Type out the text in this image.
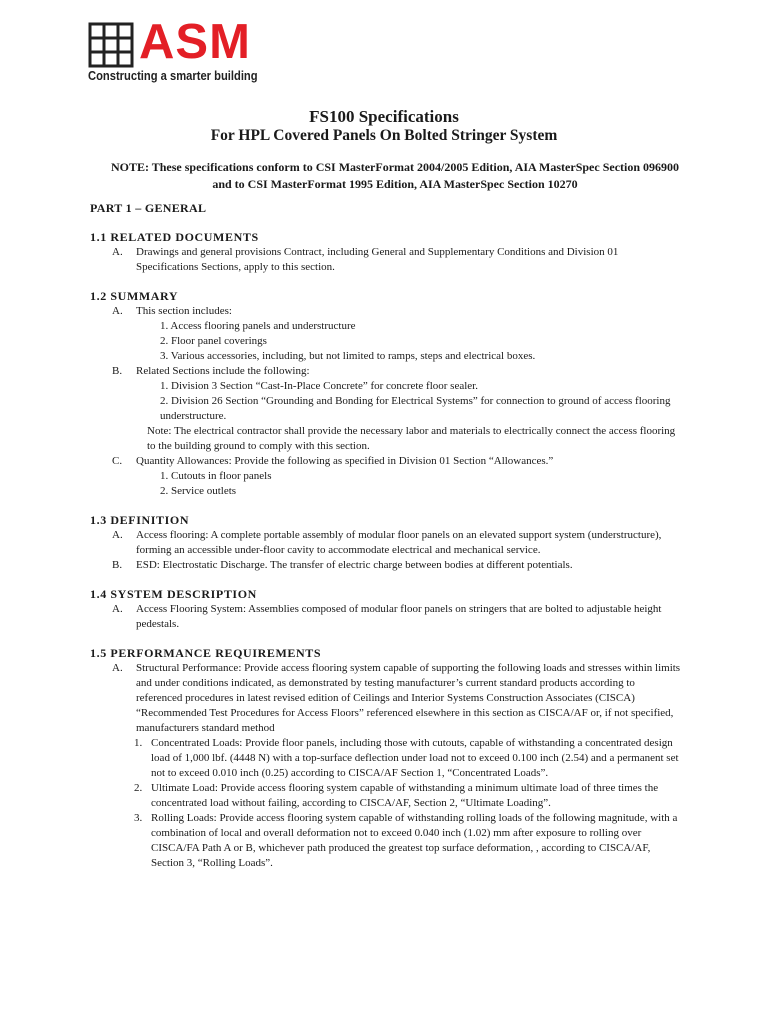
ASM
Constructing a smarter building
FS100 Specifications
For HPL Covered Panels On Bolted Stringer System
NOTE: These specifications conform to CSI MasterFormat 2004/2005 Edition, AIA MasterSpec Section 096900 and to CSI MasterFormat 1995 Edition, AIA MasterSpec Section 10270
PART 1 – GENERAL
1.1 RELATED DOCUMENTS
A.	Drawings and general provisions Contract, including General and Supplementary Conditions and Division 01 Specifications Sections, apply to this section.
1.2 SUMMARY
A.	This section includes:
1. Access flooring panels and understructure
2. Floor panel coverings
3. Various accessories, including, but not limited to ramps, steps and electrical boxes.
B.	Related Sections include the following:
1. Division 3 Section “Cast-In-Place Concrete” for concrete floor sealer.
2. Division 26 Section “Grounding and Bonding for Electrical Systems” for connection to ground of access flooring understructure.
Note: The electrical contractor shall provide the necessary labor and materials to electrically connect the access flooring to the building ground to comply with this section.
C.	Quantity Allowances: Provide the following as specified in Division 01 Section “Allowances.”
1. Cutouts in floor panels
2. Service outlets
1.3 DEFINITION
A.	Access flooring: A complete portable assembly of modular floor panels on an elevated support system (understructure), forming an accessible under-floor cavity to accommodate electrical and mechanical service.
B.	ESD: Electrostatic Discharge. The transfer of electric charge between bodies at different potentials.
1.4 SYSTEM DESCRIPTION
A.	Access Flooring System: Assemblies composed of modular floor panels on stringers that are bolted to adjustable height pedestals.
1.5 PERFORMANCE REQUIREMENTS
A.	Structural Performance: Provide access flooring system capable of supporting the following loads and stresses within limits and under conditions indicated, as demonstrated by testing manufacturer’s current standard products according to referenced procedures in latest revised edition of Ceilings and Interior Systems Construction Associates (CISCA) “Recommended Test Procedures for Access Floors” referenced elsewhere in this section as CISCA/AF or, if not specified, manufacturers standard method
1. Concentrated Loads: Provide floor panels, including those with cutouts, capable of withstanding a concentrated design load of 1,000 lbf. (4448 N) with a top-surface deflection under load not to exceed 0.100 inch (2.54) and a permanent set not to exceed 0.010 inch (0.25) according to CISCA/AF Section 1, “Concentrated Loads”.
2. Ultimate Load: Provide access flooring system capable of withstanding a minimum ultimate load of three times the concentrated load without failing, according to CISCA/AF, Section 2, “Ultimate Loading”.
3. Rolling Loads: Provide access flooring system capable of withstanding rolling loads of the following magnitude, with a combination of local and overall deformation not to exceed 0.040 inch (1.02) mm after exposure to rolling over CISCA/FA Path A or B, whichever path produced the greatest top surface deformation, , according to CISCA/AF, Section 3, “Rolling Loads”.
